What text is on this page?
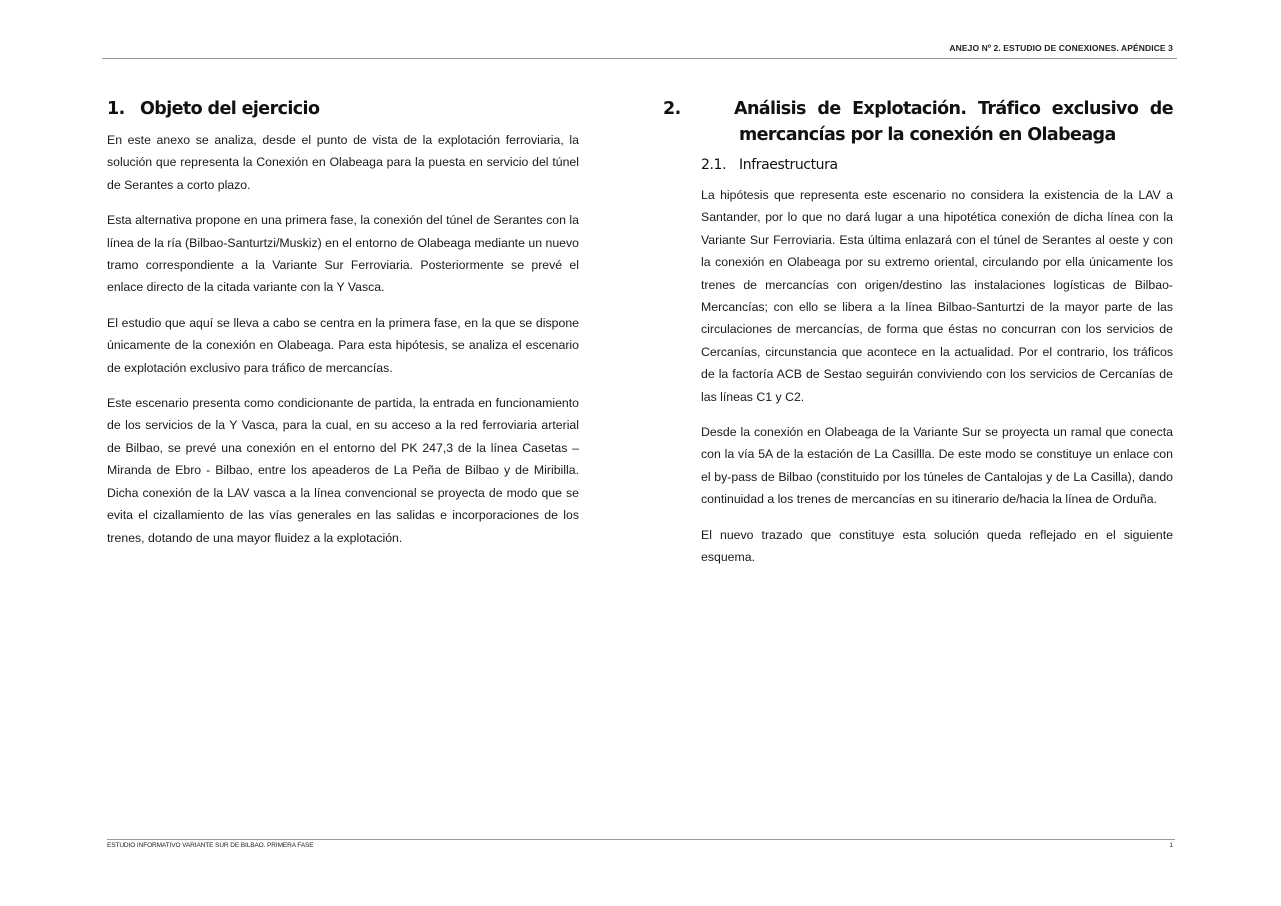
ANEJO Nº 2. ESTUDIO DE CONEXIONES. APÉNDICE 3
1. Objeto del ejercicio

En este anexo se analiza, desde el punto de vista de la explotación ferroviaria, la solución que representa la Conexión en Olabeaga para la puesta en servicio del túnel de Serantes a corto plazo.

Esta alternativa propone en una primera fase, la conexión del túnel de Serantes con la línea de la ría (Bilbao-Santurtzi/Muskiz) en el entorno de Olabeaga mediante un nuevo tramo correspondiente a la Variante Sur Ferroviaria. Posteriormente se prevé el enlace directo de la citada variante con la Y Vasca.

El estudio que aquí se lleva a cabo se centra en la primera fase, en la que se dispone únicamente de la conexión en Olabeaga. Para esta hipótesis, se analiza el escenario de explotación exclusivo para tráfico de mercancías.

Este escenario presenta como condicionante de partida, la entrada en funcionamiento de los servicios de la Y Vasca, para la cual, en su acceso a la red ferroviaria arterial de Bilbao, se prevé una conexión en el entorno del PK 247,3 de la línea Casetas – Miranda de Ebro - Bilbao, entre los apeaderos de La Peña de Bilbao y de Miribilla. Dicha conexión de la LAV vasca a la línea convencional se proyecta de modo que se evita el cizallamiento de las vías generales en las salidas e incorporaciones de los trenes, dotando de una mayor fluidez a la explotación.

2.	Análisis de Explotación. Tráfico exclusivo de mercancías por la conexión en Olabeaga
2.1. Infraestructura

La hipótesis que representa este escenario no considera la existencia de la LAV a Santander, por lo que no dará lugar a una hipotética conexión de dicha línea con la Variante Sur Ferroviaria. Esta última enlazará con el túnel de Serantes al oeste y con la conexión en Olabeaga por su extremo oriental, circulando por ella únicamente los trenes de mercancías con origen/destino las instalaciones logísticas de Bilbao-Mercancías; con ello se libera a la línea Bilbao-Santurtzi de la mayor parte de las circulaciones de mercancías, de forma que éstas no concurran con los servicios de Cercanías, circunstancia que acontece en la actualidad. Por el contrario, los tráficos de la factoría ACB de Sestao seguirán conviviendo con los servicios de Cercanías de las líneas C1 y C2.

Desde la conexión en Olabeaga de la Variante Sur se proyecta un ramal que conecta con la vía 5A de la estación de La Casillla. De este modo se constituye un enlace con el by-pass de Bilbao (constituido por los túneles de Cantalojas y de La Casilla), dando continuidad a los trenes de mercancías en su itinerario de/hacia la línea de Orduña.

El nuevo trazado que constituye esta solución queda reflejado en el siguiente esquema.

ESTUDIO INFORMATIVO VARIANTE SUR DE BILBAO. PRIMERA FASE	1
